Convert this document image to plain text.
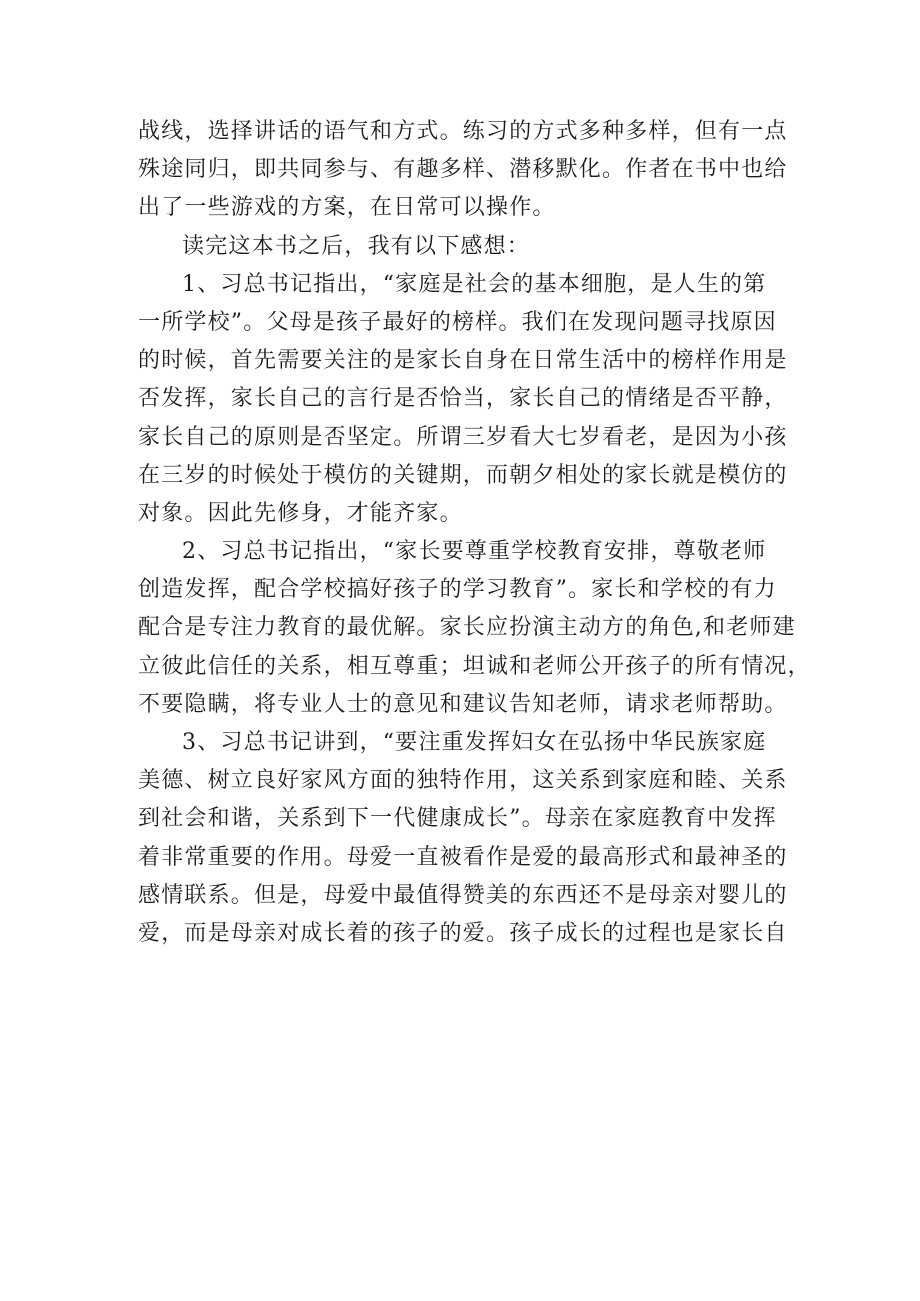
战线，选择讲话的语气和方式。练习的方式多种多样，但有一点
殊途同归，即共同参与、有趣多样、潜移默化。作者在书中也给
出了一些游戏的方案，在日常可以操作。
读完这本书之后，我有以下感想：
1、习总书记指出，“家庭是社会的基本细胞，是人生的第
一所学校”。父母是孩子最好的榜样。我们在发现问题寻找原因
的时候，首先需要关注的是家长自身在日常生活中的榜样作用是
否发挥，家长自己的言行是否恰当，家长自己的情绪是否平静，
家长自己的原则是否坚定。所谓三岁看大七岁看老，是因为小孩
在三岁的时候处于模仿的关键期，而朝夕相处的家长就是模仿的
对象。因此先修身，才能齐家。
2、习总书记指出，“家长要尊重学校教育安排，尊敬老师
创造发挥，配合学校搞好孩子的学习教育”。家长和学校的有力
配合是专注力教育的最优解。家长应扮演主动方的角色,和老师建
立彼此信任的关系，相互尊重；坦诚和老师公开孩子的所有情况，
不要隐瞒，将专业人士的意见和建议告知老师，请求老师帮助。
3、习总书记讲到，“要注重发挥妇女在弘扬中华民族家庭
美德、树立良好家风方面的独特作用，这关系到家庭和睦、关系
到社会和谐，关系到下一代健康成长”。母亲在家庭教育中发挥
着非常重要的作用。母爱一直被看作是爱的最高形式和最神圣的
感情联系。但是，母爱中最值得赞美的东西还不是母亲对婴儿的
爱，而是母亲对成长着的孩子的爱。孩子成长的过程也是家长自
